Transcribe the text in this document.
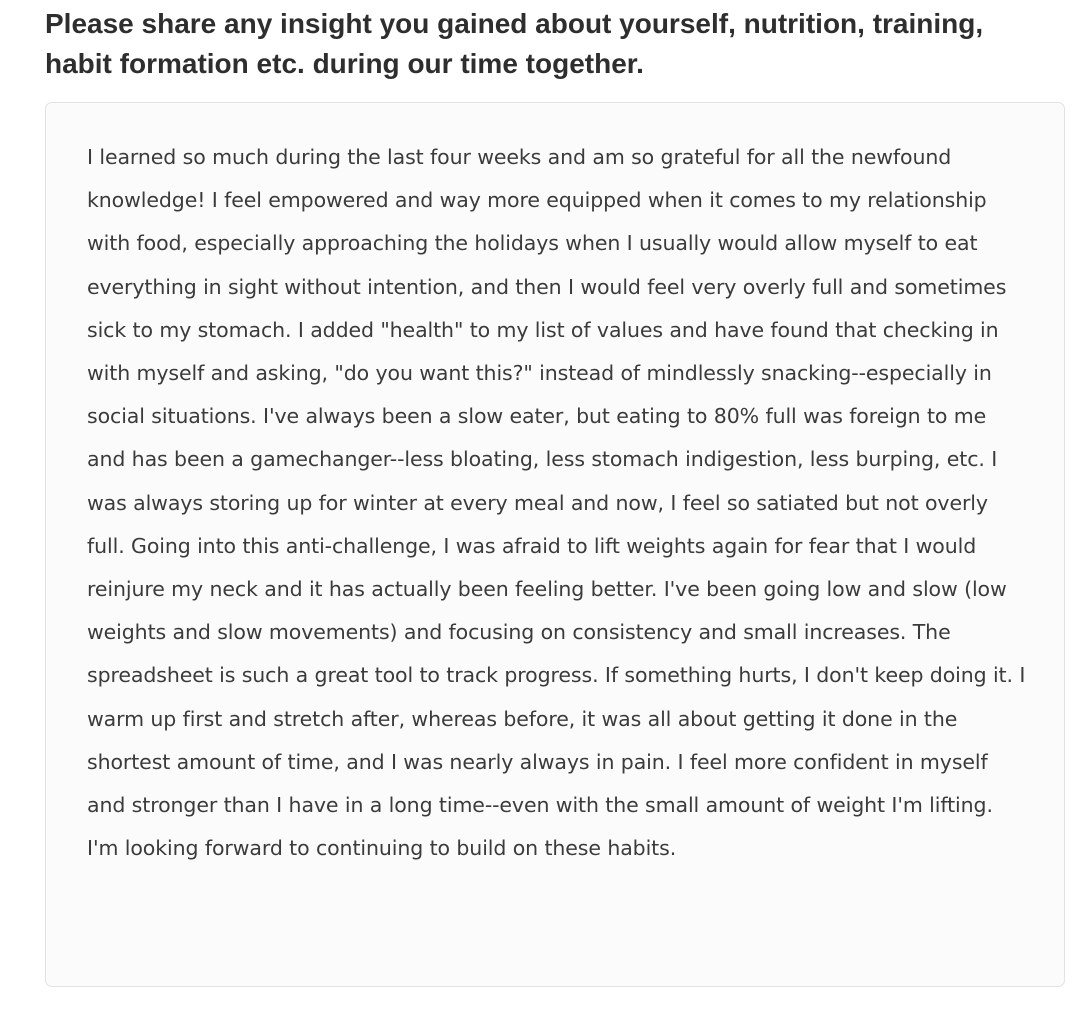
Please share any insight you gained about yourself, nutrition, training, habit formation etc. during our time together.

I learned so much during the last four weeks and am so grateful for all the newfound knowledge! I feel empowered and way more equipped when it comes to my relationship with food, especially approaching the holidays when I usually would allow myself to eat everything in sight without intention, and then I would feel very overly full and sometimes sick to my stomach. I added "health" to my list of values and have found that checking in with myself and asking, "do you want this?" instead of mindlessly snacking--especially in social situations. I've always been a slow eater, but eating to 80% full was foreign to me and has been a gamechanger--less bloating, less stomach indigestion, less burping, etc. I was always storing up for winter at every meal and now, I feel so satiated but not overly full. Going into this anti-challenge, I was afraid to lift weights again for fear that I would reinjure my neck and it has actually been feeling better. I've been going low and slow (low weights and slow movements) and focusing on consistency and small increases. The spreadsheet is such a great tool to track progress. If something hurts, I don't keep doing it. I warm up first and stretch after, whereas before, it was all about getting it done in the shortest amount of time, and I was nearly always in pain. I feel more confident in myself and stronger than I have in a long time--even with the small amount of weight I'm lifting. I'm looking forward to continuing to build on these habits.
